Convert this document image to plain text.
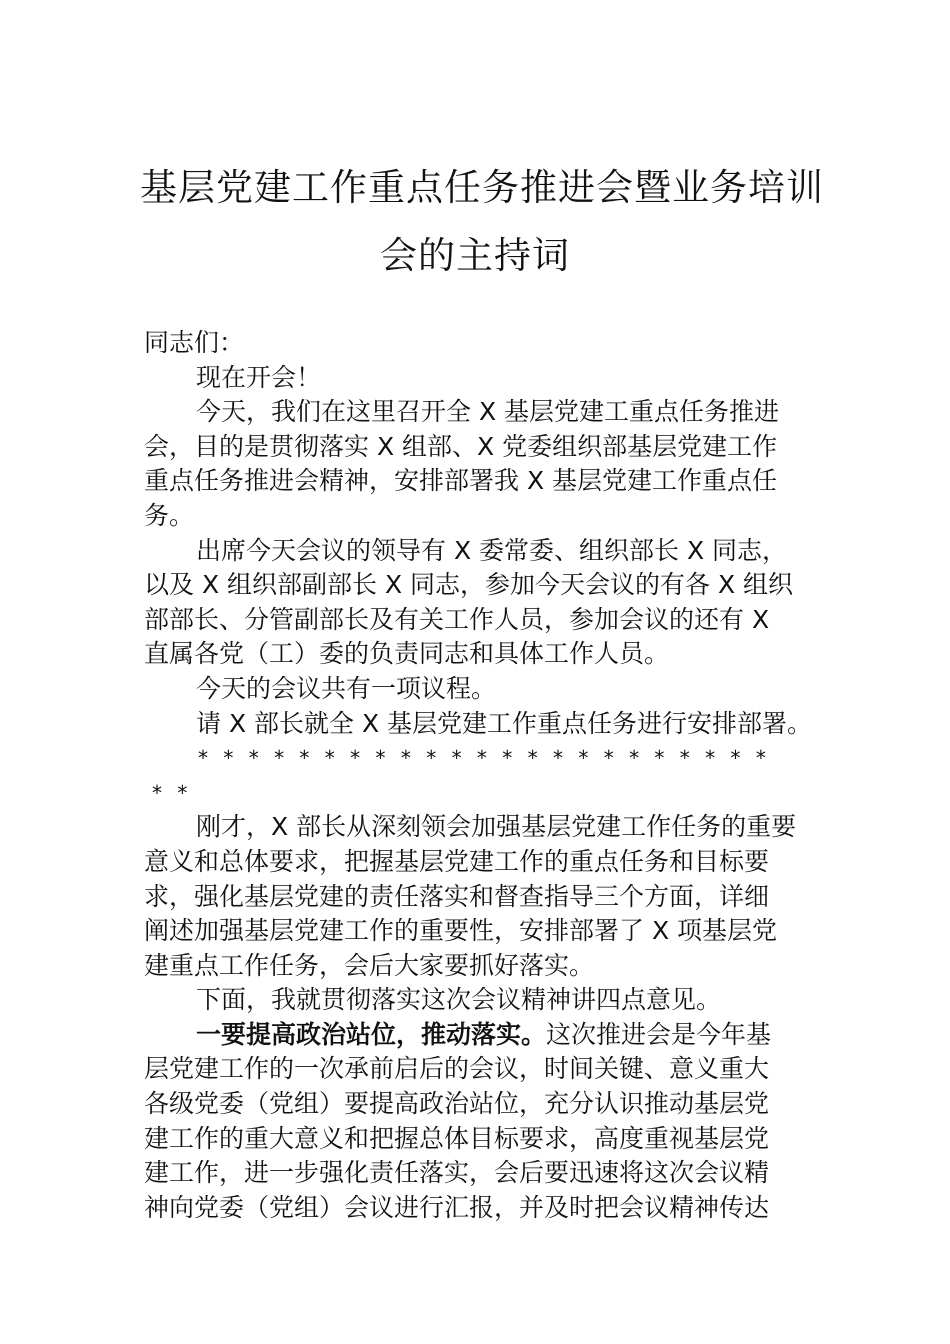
基层党建工作重点任务推进会暨业务培训
会的主持词
同志们：
现在开会！
今天，我们在这里召开全 X 基层党建工重点任务推进
会，目的是贯彻落实 X 组部、X 党委组织部基层党建工作
重点任务推进会精神，安排部署我 X 基层党建工作重点任
务。
出席今天会议的领导有 X 委常委、组织部长 X 同志，
以及 X 组织部副部长 X 同志，参加今天会议的有各 X 组织
部部长、分管副部长及有关工作人员，参加会议的还有 X
直属各党（工）委的负责同志和具体工作人员。
今天的会议共有一项议程。
请 X 部长就全 X 基层党建工作重点任务进行安排部署。
* * * * * * * * * * * * * * * * * * * * * * *
* *
刚才，X 部长从深刻领会加强基层党建工作任务的重要
意义和总体要求，把握基层党建工作的重点任务和目标要
求，强化基层党建的责任落实和督查指导三个方面，详细
阐述加强基层党建工作的重要性，安排部署了 X 项基层党
建重点工作任务，会后大家要抓好落实。
下面，我就贯彻落实这次会议精神讲四点意见。
一要提高政治站位，推动落实。这次推进会是今年基
层党建工作的一次承前启后的会议，时间关键、意义重大
各级党委（党组）要提高政治站位，充分认识推动基层党
建工作的重大意义和把握总体目标要求，高度重视基层党
建工作，进一步强化责任落实，会后要迅速将这次会议精
神向党委（党组）会议进行汇报，并及时把会议精神传达
